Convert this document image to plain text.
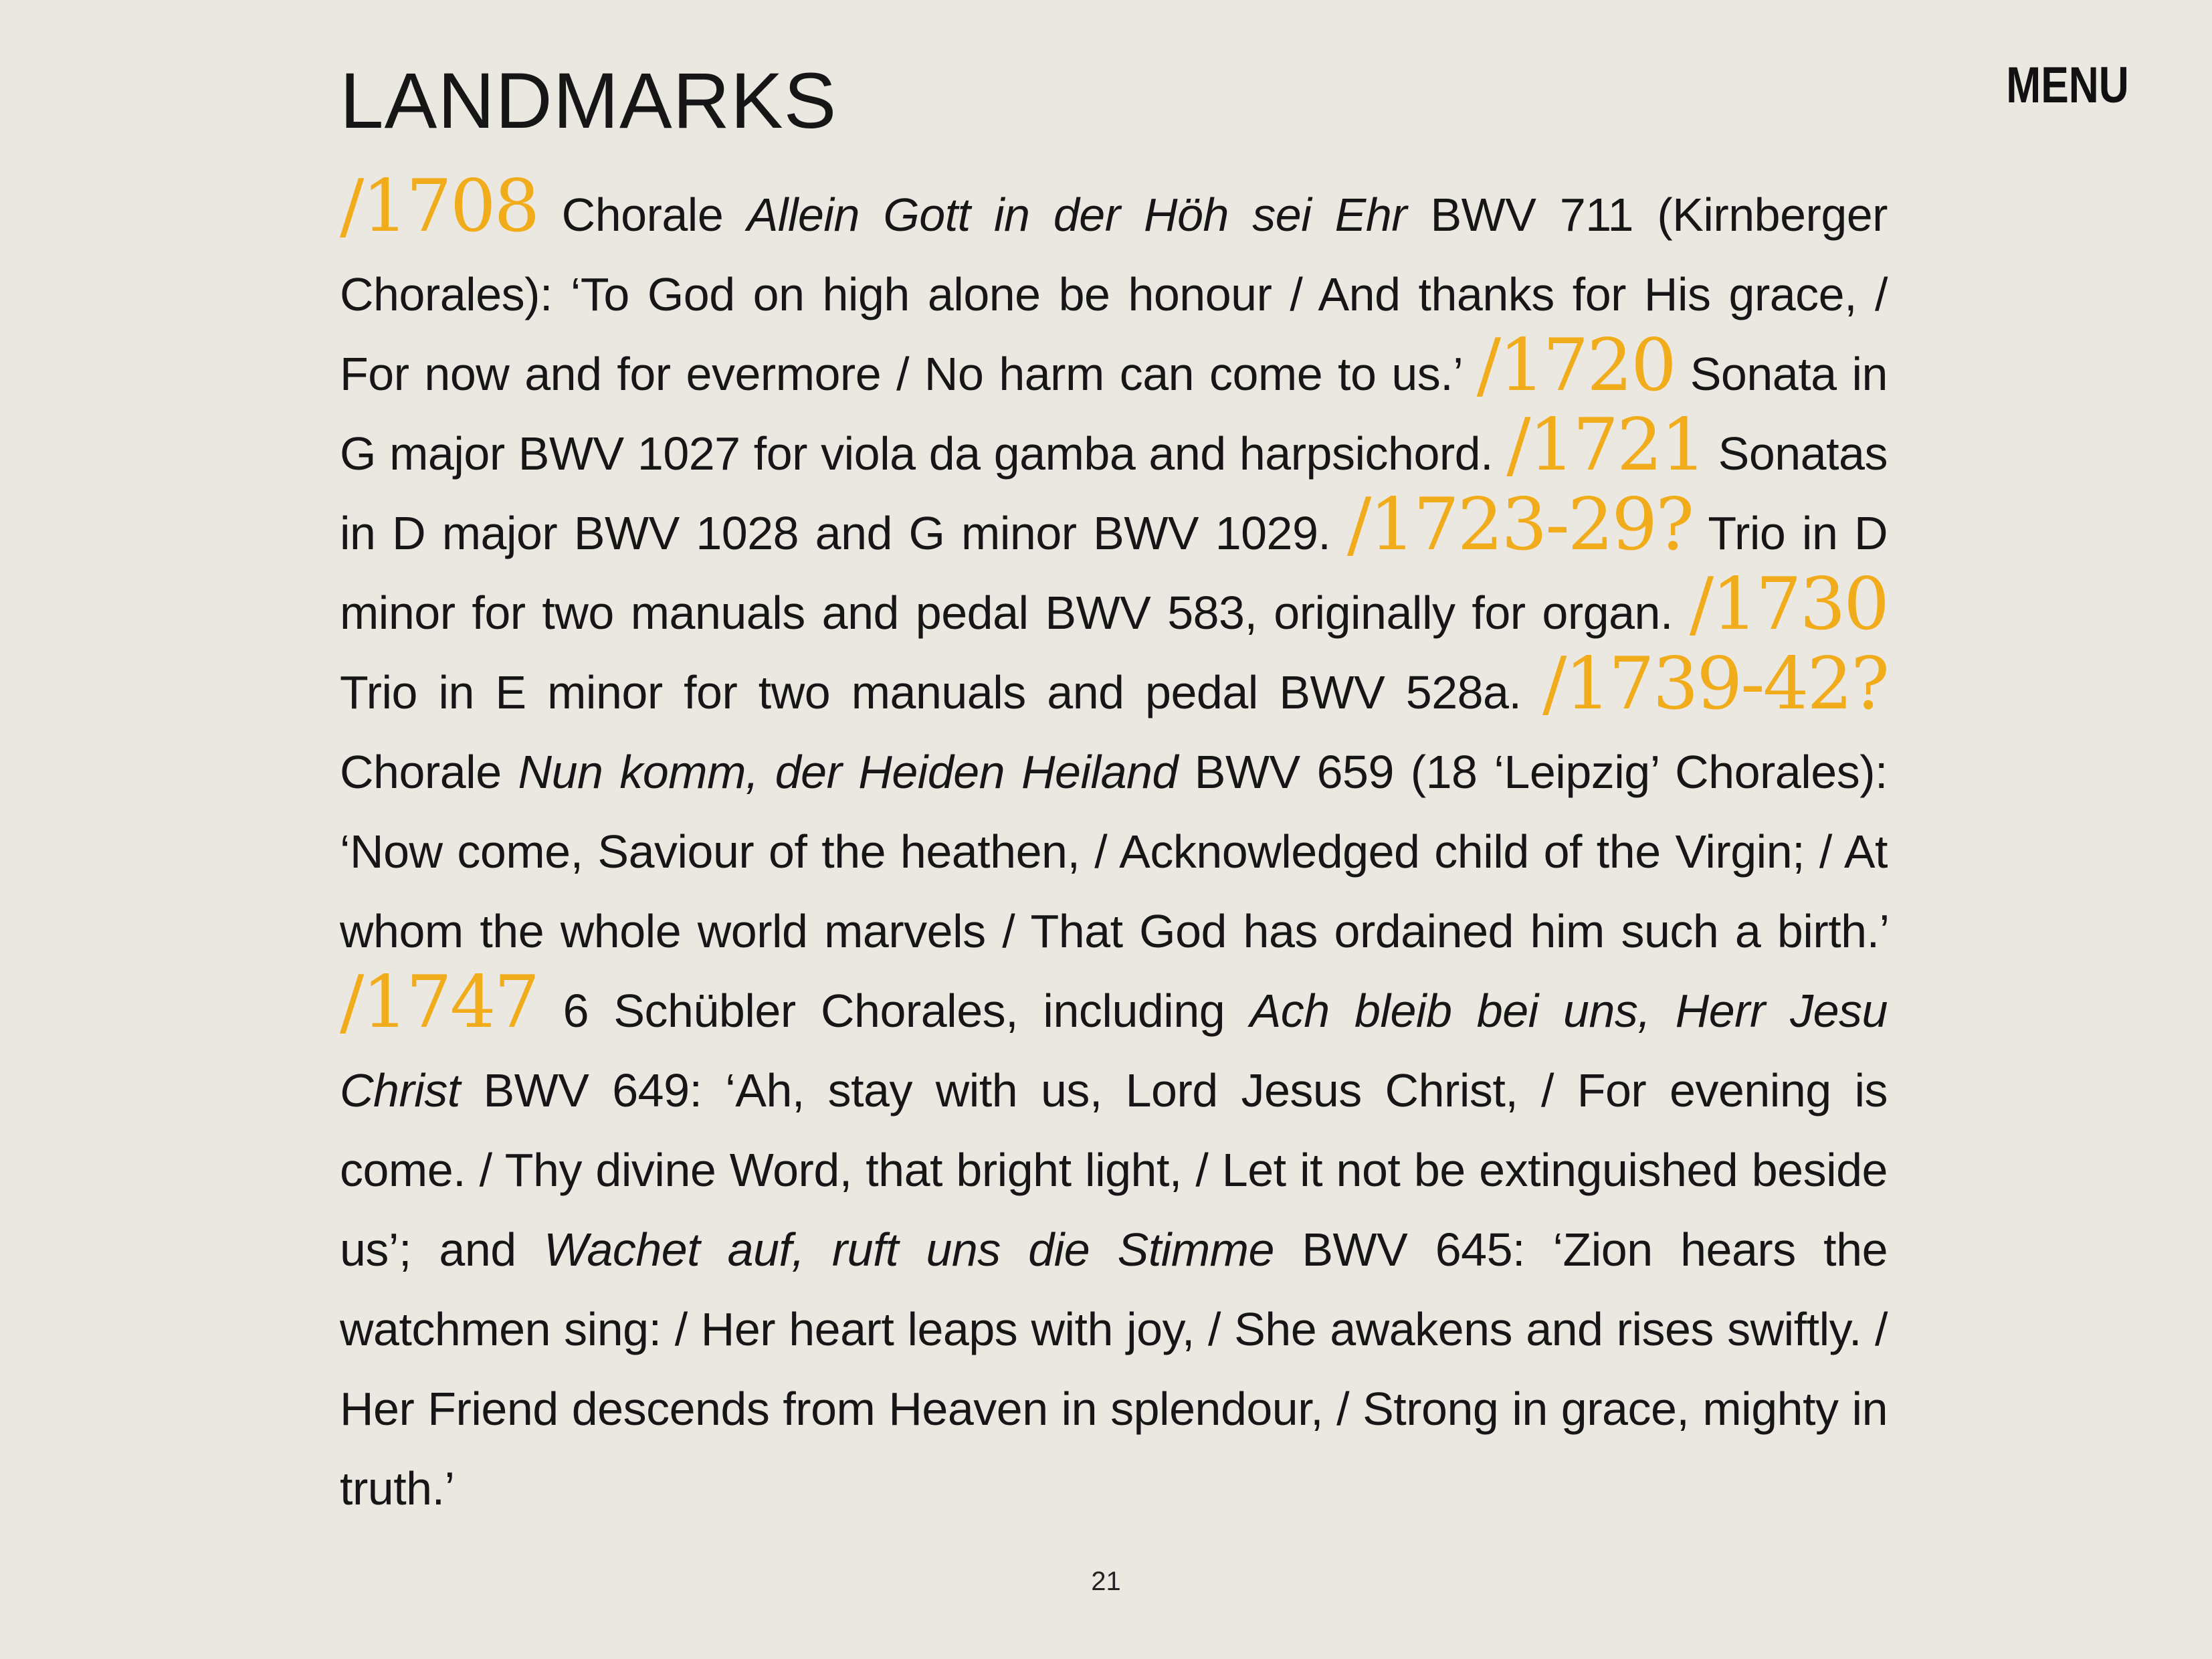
LANDMARKS	MENU

/1708 Chorale Allein Gott in der Höh sei Ehr BWV 711 (Kirnberger Chorales): ‘To God on high alone be honour / And thanks for His grace, / For now and for evermore / No harm can come to us.’ /1720 Sonata in G major BWV 1027 for viola da gamba and harpsichord. /1721 Sonatas in D major BWV 1028 and G minor BWV 1029. /1723-29? Trio in D minor for two manuals and pedal BWV 583, originally for organ. /1730 Trio in E minor for two manuals and pedal BWV 528a. /1739-42? Chorale Nun komm, der Heiden Heiland BWV 659 (18 ‘Leipzig’ Chorales): ‘Now come, Saviour of the heathen, / Acknowledged child of the Virgin; / At whom the whole world marvels / That God has ordained him such a birth.’ /1747 6 Schübler Chorales, including Ach bleib bei uns, Herr Jesu Christ BWV 649: ‘Ah, stay with us, Lord Jesus Christ, / For evening is come. / Thy divine Word, that bright light, / Let it not be extinguished beside us’; and Wachet auf, ruft uns die Stimme BWV 645: ‘Zion hears the watchmen sing: / Her heart leaps with joy, / She awakens and rises swiftly. / Her Friend descends from Heaven in splendour, / Strong in grace, mighty in truth.’

21
